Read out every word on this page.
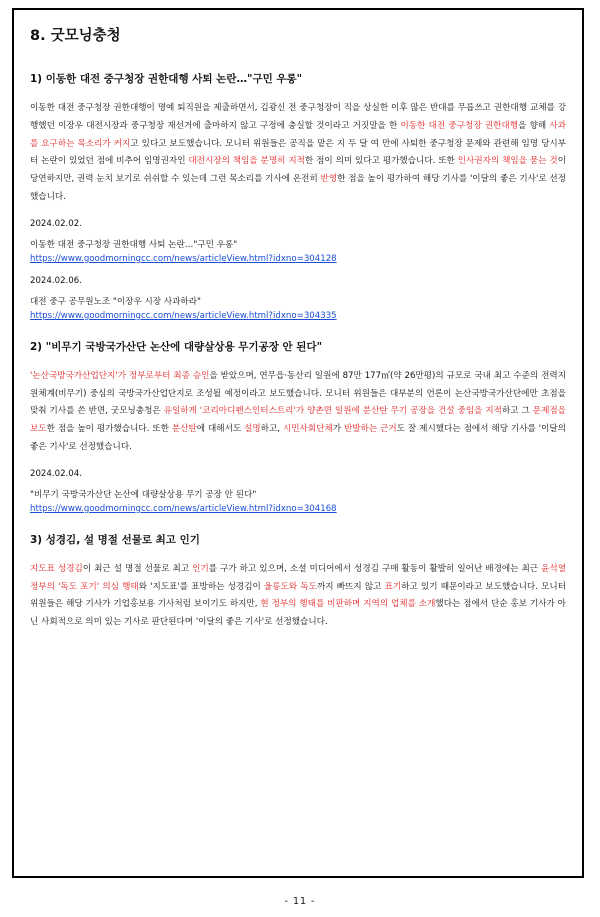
8. 굿모닝충청
1) 이동한 대전 중구청장 권한대행 사퇴 논란…"구민 우롱"

이동한 대전 중구청장 권한대행이 명예 퇴직원을 제출하면서, 김광신 전 중구청장이 직을 상실한 이후 많은 반대를 무릅쓰고 권한대행 교체를 강행했던 이장우 대전시장과 중구청장 재선거에 출마하지 않고 구정에 충실할 것이라고 거짓말을 한 이동한 대전 중구청장 권한대행을 향해 사과를 요구하는 목소리가 커지고 있다고 보도했습니다. 모니터 위원들은 공직을 맡은 지 두 달 여 만에 사퇴한 중구청장 문제와 관련해 임명 당시부터 논란이 있었던 점에 비추어 임명권자인 대전시장의 책임을 분명히 지적한 점이 의미 있다고 평가했습니다. 또한 인사권자의 책임을 묻는 것이 당연하지만, 권력 눈치 보기로 쉬쉬할 수 있는데 그런 목소리를 기사에 온전히 반영한 점을 높이 평가하여 해당 기사를 '이달의 좋은 기사'로 선정했습니다.

2024.02.02.
이동한 대전 중구청장 권한대행 사퇴 논란…"구민 우롱"
https://www.goodmorningcc.com/news/articleView.html?idxno=304128
2024.02.06.
대전 중구 공무원노조 "이장우 시장 사과하라"
https://www.goodmorningcc.com/news/articleView.html?idxno=304335
2) "비무기 국방국가산단 논산에 대량살상용 무기공장 안 된다"

'논산국방국가산업단지'가 정부로부터 최종 승인을 받았으며, 연무읍·동산리 일원에 87만 177㎡(약 26만평)의 규모로 국내 최고 수준의 전력지원체계(비무기) 중심의 국방국가산업단지로 조성될 예정이라고 보도했습니다. 모니터 위원들은 대부분의 언론이 논산국방국가산단에만 초점을 맞춰 기사를 쓴 반면, 굿모닝충청은 유일하게 '코리아디펜스인터스트리'가 양촌면 일원에 분산탄 무기 공장을 건설 중임을 지적하고 그 문제점을 보도한 점을 높이 평가했습니다. 또한 분산탄에 대해서도 설명하고, 시민사회단체가 반발하는 근거도 잘 제시했다는 점에서 해당 기사를 '이달의 좋은 기사'로 선정했습니다.

2024.02.04.
"비무기 국방국가산단 논산에 대량살상용 무기 공장 안 된다"
https://www.goodmorningcc.com/news/articleView.html?idxno=304168
3) 성경김, 설 명절 선물로 최고 인기

지도표 성경김이 최근 설 명절 선물로 최고 인기를 구가 하고 있으며, 소셜 미디어에서 성경김 구매 활동이 활발히 일어난 배경에는 최근 윤석열 정부의 '독도 포기' 의심 행태와 '지도표'를 표방하는 성경김이 울릉도와 독도까지 빠뜨지 않고 표기하고 있기 때문이라고 보도했습니다. 모니터 위원들은 해당 기사가 기업홍보용 기사처럼 보이기도 하지만, 현 정부의 행태를 비판하며 지역의 업체를 소개했다는 점에서 단순 홍보 기사가 아닌 사회적으로 의미 있는 기사로 판단된다며 '이달의 좋은 기사'로 선정했습니다.

- 11 -
